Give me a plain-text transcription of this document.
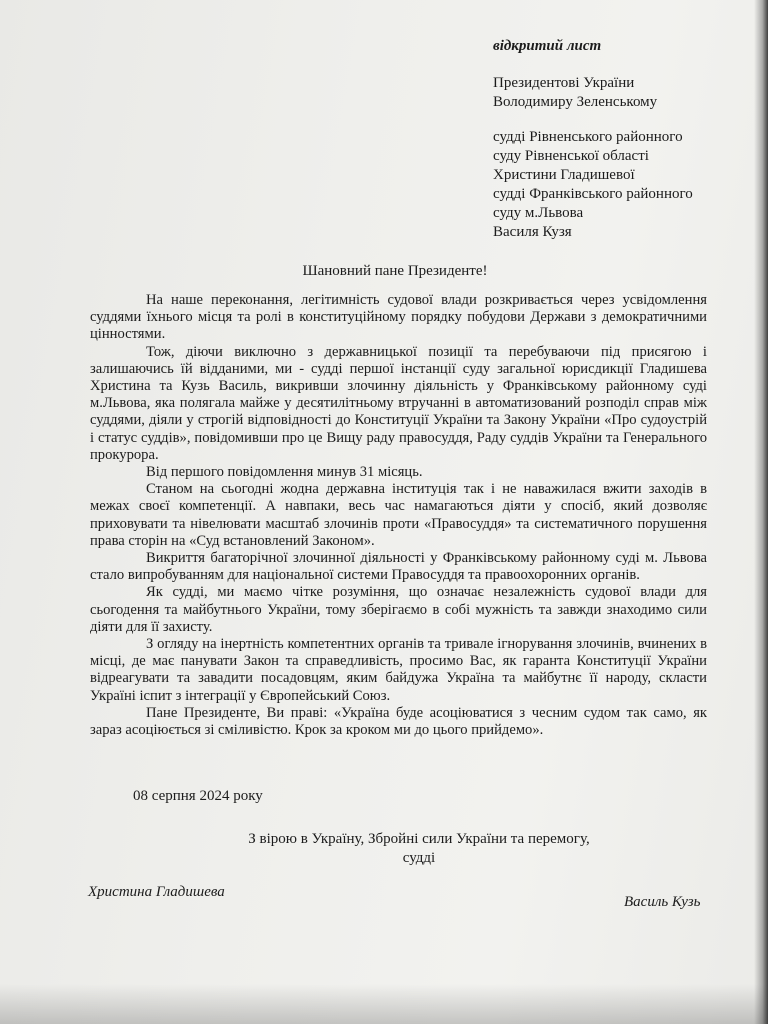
відкритий лист
Президентові України
Володимиру Зеленському
судді Рівненського районного
суду Рівненської області
Христини Гладишевої
судді Франківського районного
суду м.Львова
Василя Кузя
Шановний пане Президенте!

На наше переконання, легітимність судової влади розкривається через усвідомлення суддями їхнього місця та ролі в конституційному порядку побудови Держави з демократичними цінностями.

Тож, діючи виключно з державницької позиції та перебуваючи під присягою і залишаючись їй відданими, ми - судді першої інстанції суду загальної юрисдикції Гладишева Христина та Кузь Василь, викривши злочинну діяльність у Франківському районному суді м.Львова, яка полягала майже у десятилітньому втручанні в автоматизований розподіл справ між суддями, діяли у строгій відповідності до Конституції України та Закону України «Про судоустрій і статус суддів», повідомивши про це Вищу раду правосуддя, Раду суддів України та Генерального прокурора.

Від першого повідомлення минув 31 місяць.

Станом на сьогодні жодна державна інституція так і не наважилася вжити заходів в межах своєї компетенції. А навпаки, весь час намагаються діяти у спосіб, який дозволяє приховувати та нівелювати масштаб злочинів проти «Правосуддя» та систематичного порушення права сторін на «Суд встановлений Законом».

Викриття багаторічної злочинної діяльності у Франківському районному суді м. Львова стало випробуванням для національної системи Правосуддя та правоохоронних органів.

Як судді, ми маємо чітке розуміння, що означає незалежність судової влади для сьогодення та майбутнього України, тому зберігаємо в собі мужність та завжди знаходимо сили діяти для її захисту.

З огляду на інертність компетентних органів та тривале ігнорування злочинів, вчинених в місці, де має панувати Закон та справедливість, просимо Вас, як гаранта Конституції України відреагувати та завадити посадовцям, яким байдужа Україна та майбутнє її народу, скласти Україні іспит з інтеграції у Європейський Союз.

Пане Президенте, Ви праві: «Україна буде асоціюватися з чесним судом так само, як зараз асоціюється зі сміливістю. Крок за кроком ми до цього прийдемо».

08 серпня 2024 року
З вірою в Україну, Збройні сили України та перемогу,
судді
Христина Гладишева
Василь Кузь
